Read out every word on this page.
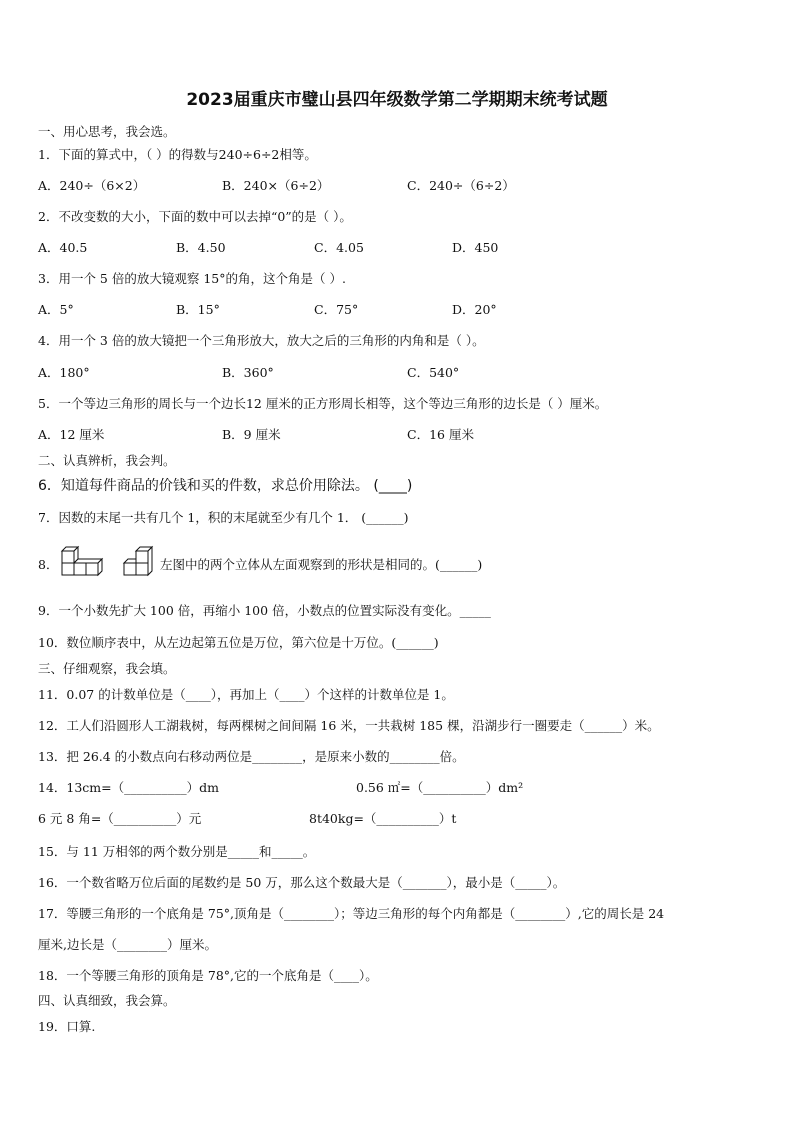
2023届重庆市璧山县四年级数学第二学期期末统考试题
一、用心思考，我会选。
1．下面的算式中，（ ）的得数与240÷6÷2相等。
A．240÷（6×2）	B．240×（6÷2）	C．240÷（6÷2）
2．不改变数的大小，下面的数中可以去掉“0”的是（ ）。
A．40.5	B．4.50	C．4.05	D．450
3．用一个 5 倍的放大镜观察 15°的角，这个角是（ ）.
A．5°	B．15°	C．75°	D．20°
4．用一个 3 倍的放大镜把一个三角形放大，放大之后的三角形的内角和是（ ）。
A．180°	B．360°	C．540°
5．一个等边三角形的周长与一个边长12 厘米的正方形周长相等，这个等边三角形的边长是（ ）厘米。
A．12 厘米	B．9 厘米	C．16 厘米
二、认真辨析，我会判。
6．知道每件商品的价钱和买的件数，求总价用除法。 (____)
7．因数的末尾一共有几个 1，积的末尾就至少有几个 1． (______)
8．	左图中的两个立体从左面观察到的形状是相同的。(______)
9．一个小数先扩大 100 倍，再缩小 100 倍，小数点的位置实际没有变化。_____
10．数位顺序表中，从左边起第五位是万位，第六位是十万位。(______)
三、仔细观察，我会填。
11．0.07 的计数单位是（____），再加上（____）个这样的计数单位是 1。
12．工人们沿圆形人工湖栽树，每两棵树之间间隔 16 米，一共栽树 185 棵，沿湖步行一圈要走（______）米。
13．把 26.4 的小数点向右移动两位是________，是原来小数的________倍。
14．13cm=（__________）dm	0.56 ㎡=（__________）dm²
6 元 8 角=（__________）元	8t40kg=（__________）t
15．与 11 万相邻的两个数分别是_____和_____。
16．一个数省略万位后面的尾数约是 50 万，那么这个数最大是（_______），最小是（_____）。
17．等腰三角形的一个底角是 75°,顶角是（________）；等边三角形的每个内角都是（________）,它的周长是 24
厘米,边长是（________）厘米。
18．一个等腰三角形的顶角是 78°,它的一个底角是（____）。
四、认真细致，我会算。
19．口算.
